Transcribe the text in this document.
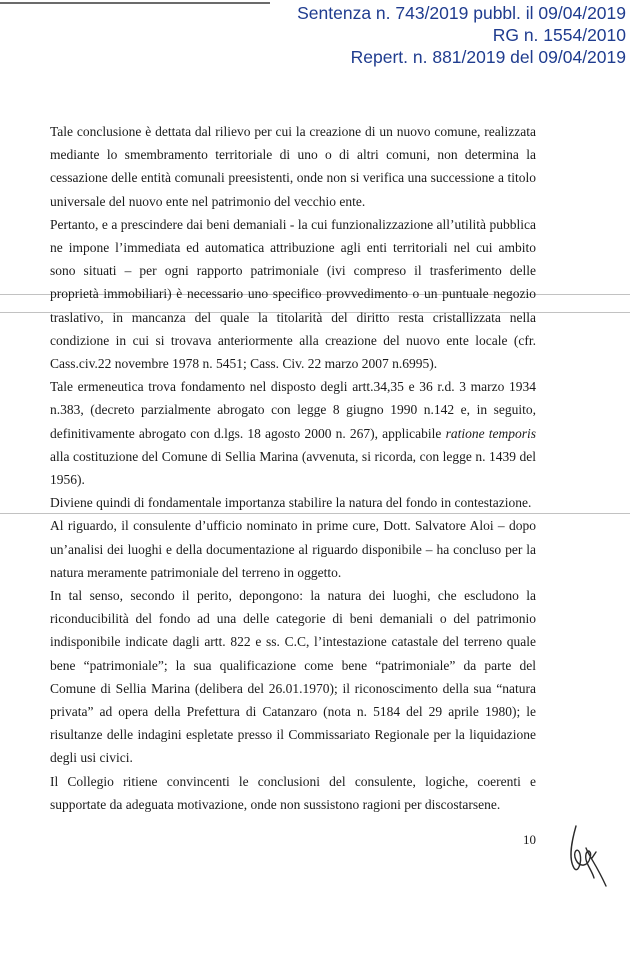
Sentenza n. 743/2019 pubbl. il 09/04/2019
RG n. 1554/2010
Repert. n. 881/2019 del 09/04/2019

Tale conclusione è dettata dal rilievo per cui la creazione di un nuovo comune, realizzata mediante lo smembramento territoriale di uno o di altri comuni, non determina la cessazione delle entità comunali preesistenti, onde non si verifica una successione a titolo universale del nuovo ente nel patrimonio del vecchio ente.

Pertanto, e a prescindere dai beni demaniali - la cui funzionalizzazione all’utilità pubblica ne impone l’immediata ed automatica attribuzione agli enti territoriali nel cui ambito sono situati – per ogni rapporto patrimoniale (ivi compreso il trasferimento delle proprietà immobiliari) è necessario uno specifico provvedimento o un puntuale negozio traslativo, in mancanza del quale la titolarità del diritto resta cristallizzata nella condizione in cui si trovava anteriormente alla creazione del nuovo ente locale (cfr. Cass.civ.22 novembre 1978 n. 5451; Cass. Civ. 22 marzo 2007 n.6995).

Tale ermeneutica trova fondamento nel disposto degli artt.34,35 e 36 r.d. 3 marzo 1934 n.383, (decreto parzialmente abrogato con legge 8 giugno 1990 n.142 e, in seguito, definitivamente abrogato con d.lgs. 18 agosto 2000 n. 267), applicabile ratione temporis alla costituzione del Comune di Sellia Marina (avvenuta, si ricorda, con legge n. 1439 del 1956).

Diviene quindi di fondamentale importanza stabilire la natura del fondo in contestazione.

Al riguardo, il consulente d’ufficio nominato in prime cure, Dott. Salvatore Aloi – dopo un’analisi dei luoghi e della documentazione al riguardo disponibile – ha concluso per la natura meramente patrimoniale del terreno in oggetto.

In tal senso, secondo il perito, depongono: la natura dei luoghi, che escludono la riconducibilità del fondo ad una delle categorie di beni demaniali o del patrimonio indisponibile indicate dagli artt. 822 e ss. C.C, l’intestazione catastale del terreno quale bene “patrimoniale”; la sua qualificazione come bene “patrimoniale” da parte del Comune di Sellia Marina (delibera del 26.01.1970); il riconoscimento della sua “natura privata” ad opera della Prefettura di Catanzaro (nota n. 5184 del 29 aprile 1980); le risultanze delle indagini espletate presso il Commissariato Regionale per la liquidazione degli usi civici.

Il Collegio ritiene convincenti le conclusioni del consulente, logiche, coerenti e supportate da adeguata motivazione, onde non sussistono ragioni per discostarsene.

10
